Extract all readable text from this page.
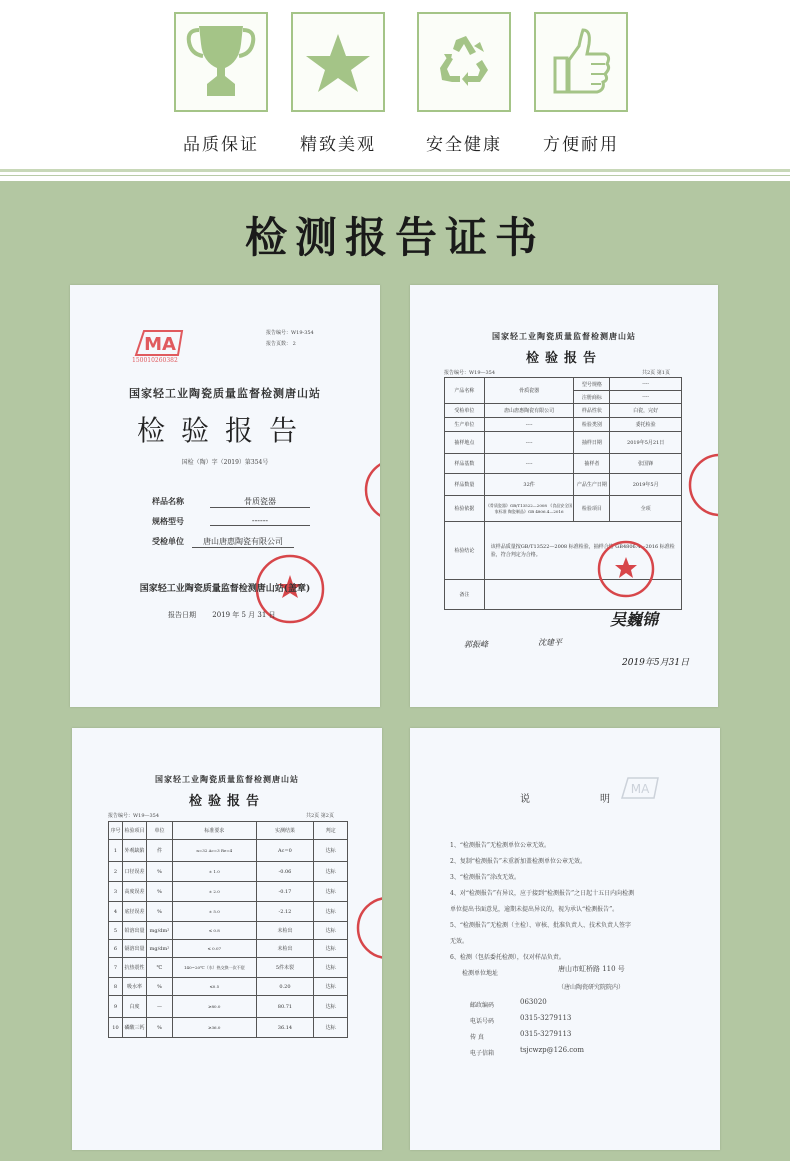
品质保证	精致美观	安全健康	方便耐用
检测报告证书
MA
150010260382
报告编号：W19-354
报告页数： 2
国家轻工业陶瓷质量监督检测唐山站
检验报告
国检（陶）字（2019）第354号
样品名称	骨质瓷器
规格型号	------
受检单位	唐山唐惠陶瓷有限公司
国家轻工业陶瓷质量监督检测唐山站(盖章)
报告日期 2019 年 5 月 31 日
国家轻工业陶瓷质量监督检测唐山站
检验报告
报告编号：W19—354	共2页 第1页
产品名称	骨质瓷器	型号规格	----
		注册商标	----
受检单位	唐山唐惠陶瓷有限公司	样品性状	白瓷，完好
生产单位	----	检验类别	委托检验
抽样地点	----	抽样日期	2019年5月21日
样品基数	----	抽样者	张国锋
样品数量	32件	产品生产日期	2019年5月
检验依据	《骨质瓷器》GB/T13522—2008 《食品安全国家标准 陶瓷制品》GB 4806.4—2016	检验项目	全项
检验结论	该样品质量按GB/T13522—2008 标准检验，抽样合格 GB4806.4—2016 标准检验，符合判定为合格。		
备注			
郭振峰	沈建平
吴巍锦
2019年5月31日
国家轻工业陶瓷质量监督检测唐山站
检验报告
报告编号：W19—354	共2页 第2页
序号	检验项目	单位	标准要求	实测结果	判定
1	外观缺陷	件	n=32 Ac=3 Re=4	Ac=0	达标
2	口径误差	%	± 1.0	-0.06	达标
3	高度误差	%	± 2.0	-0.17	达标
4	底径误差	%	± 5.0	-2.12	达标
5	铅溶出量	mg/dm²	≤ 0.8	未检出	达标
6	镉溶出量	mg/dm²	≤ 0.07	未检出	达标
7	抗热震性	℃	140~20℃（水）热交换一次不裂	5件未裂	达标
8	吸水率	%	≤0.5	0.20	达标
9	白度	—	≥80.0	80.71	达标
10	磷酸三钙	%	≥36.0	36.14	达标
MA
说明
1、“检测报告”无检测单位公章无效。
2、复制“检测报告”未重新加盖检测单位公章无效。
3、“检测报告”涂改无效。
4、对“检测报告”有异议，应于接到“检测报告”之日起十五日内向检测
单位提出书面意见，逾期未提出异议的，视为承认“检测报告”。
5、“检测报告”无检测（主检）、审核、批准负责人、技术负责人签字
无效。
6、检测（包括委托检测），仅对样品负责。
检测单位地址
唐山市虹桥路 110 号
（唐山陶瓷研究院院内）
邮政编码	063020
电话号码	0315-3279113
传 真	0315-3279113
电子信箱	tsjcwzp@126.com
